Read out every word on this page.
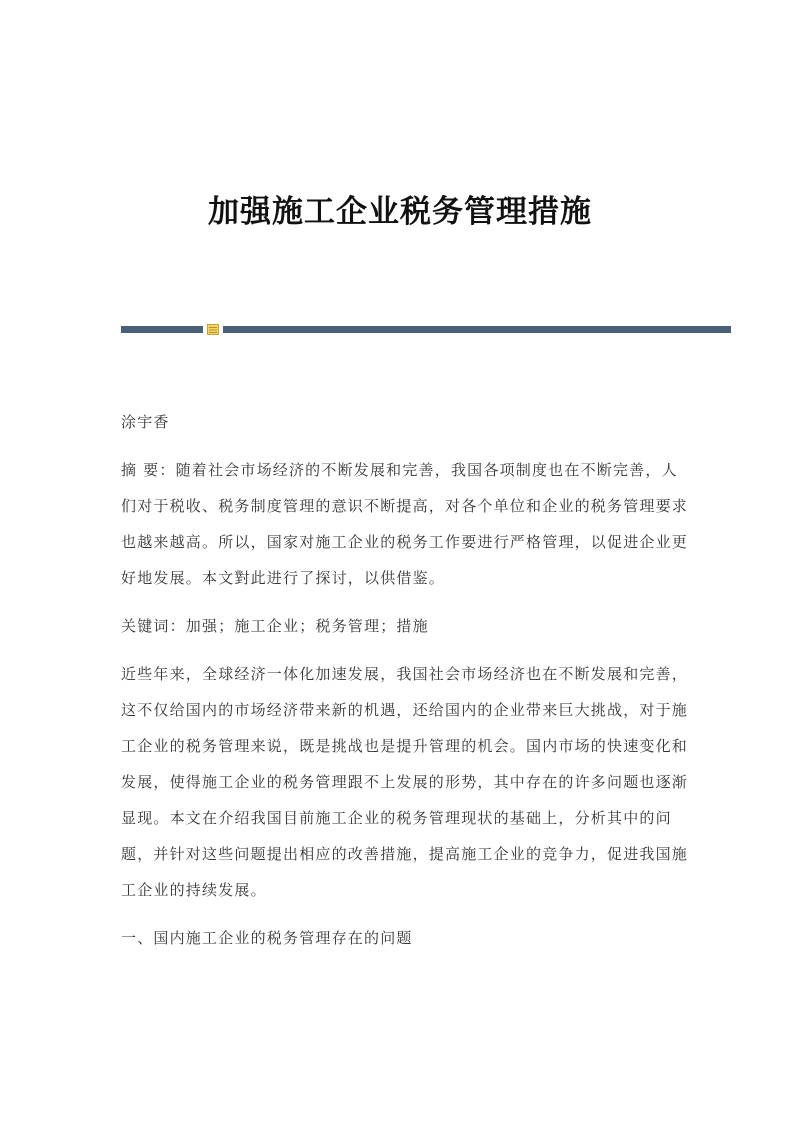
加强施工企业税务管理措施

涂宇香

摘 要：随着社会市场经济的不断发展和完善，我国各项制度也在不断完善，人们对于税收、税务制度管理的意识不断提高，对各个单位和企业的税务管理要求也越来越高。所以，国家对施工企业的税务工作要进行严格管理，以促进企业更好地发展。本文對此进行了探讨，以供借鉴。

关键词：加强；施工企业；税务管理；措施

近些年来，全球经济一体化加速发展，我国社会市场经济也在不断发展和完善，这不仅给国内的市场经济带来新的机遇，还给国内的企业带来巨大挑战，对于施工企业的税务管理来说，既是挑战也是提升管理的机会。国内市场的快速变化和发展，使得施工企业的税务管理跟不上发展的形势，其中存在的许多问题也逐渐显现。本文在介绍我国目前施工企业的税务管理现状的基础上，分析其中的问题，并针对这些问题提出相应的改善措施，提高施工企业的竞争力，促进我国施工企业的持续发展。

一、国内施工企业的税务管理存在的问题
